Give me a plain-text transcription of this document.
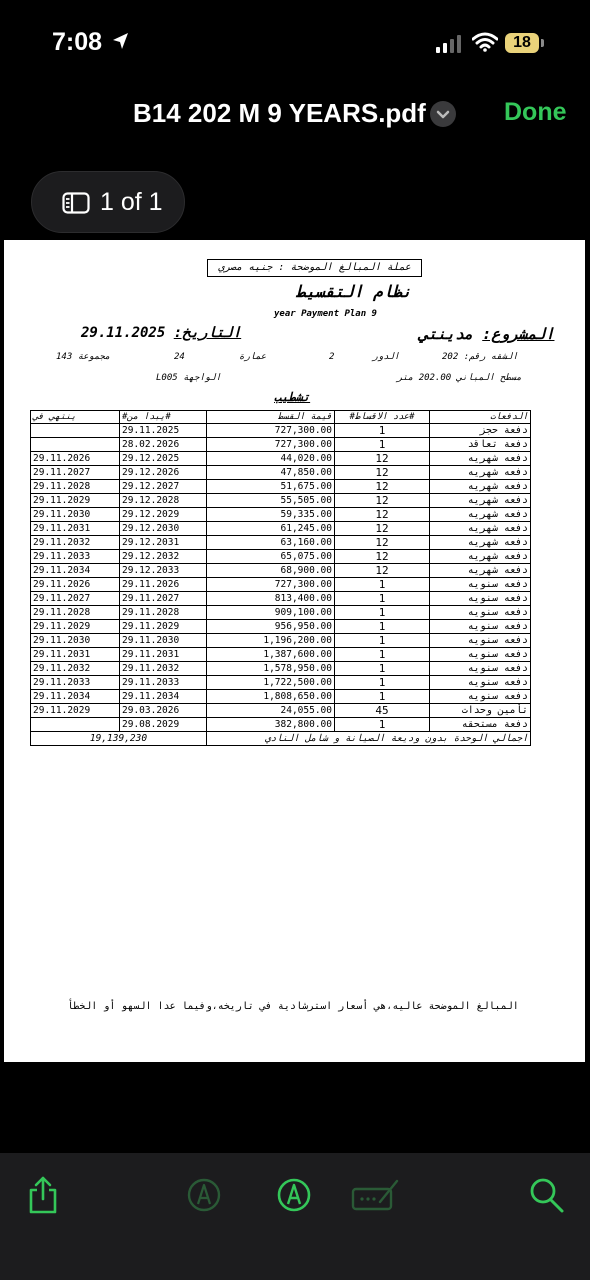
7:08	18
B14 202 M 9 YEARS.pdf	Done
1 of 1
عملة المبالغ الموضحة : جنيه مصري
نظام التقسيط
year Payment Plan 9
المشروع: مدينتي
التاريخ: 29.11.2025
الشقه رقم: 202
الدور       2
عمارة          24
مجموعة 143
مسطح المباني 202.00 متر
الواجهة L005
تشطيب
ينتهي في	#يبدا من#	قيمة القسط	#عدد الاقساط#	الدفعات
	29.11.2025	727,300.00	1	دفعة حجز
	28.02.2026	727,300.00	1	دفعة تعاقد
29.11.2026	29.12.2025	44,020.00	12	دفعه شهريه
29.11.2027	29.12.2026	47,850.00	12	دفعه شهريه
29.11.2028	29.12.2027	51,675.00	12	دفعه شهريه
29.11.2029	29.12.2028	55,505.00	12	دفعه شهريه
29.11.2030	29.12.2029	59,335.00	12	دفعه شهريه
29.11.2031	29.12.2030	61,245.00	12	دفعه شهريه
29.11.2032	29.12.2031	63,160.00	12	دفعه شهريه
29.11.2033	29.12.2032	65,075.00	12	دفعه شهريه
29.11.2034	29.12.2033	68,900.00	12	دفعه شهريه
29.11.2026	29.11.2026	727,300.00	1	دفعه سنويه
29.11.2027	29.11.2027	813,400.00	1	دفعه سنويه
29.11.2028	29.11.2028	909,100.00	1	دفعه سنويه
29.11.2029	29.11.2029	956,950.00	1	دفعه سنويه
29.11.2030	29.11.2030	1,196,200.00	1	دفعه سنويه
29.11.2031	29.11.2031	1,387,600.00	1	دفعه سنويه
29.11.2032	29.11.2032	1,578,950.00	1	دفعه سنويه
29.11.2033	29.11.2033	1,722,500.00	1	دفعه سنويه
29.11.2034	29.11.2034	1,808,650.00	1	دفعه سنويه
29.11.2029	29.03.2026	24,055.00	45	تأمين وحدات
	29.08.2029	382,800.00	1	دفعة مستحقه
19,139,230		اجمالي الوحدة بدون وديعة الصيانة و شامل النادي		
المبالغ الموضحة عاليه،هي أسعار استرشادية في تاريخه،وفيما عدا السهو أو الخطأ
